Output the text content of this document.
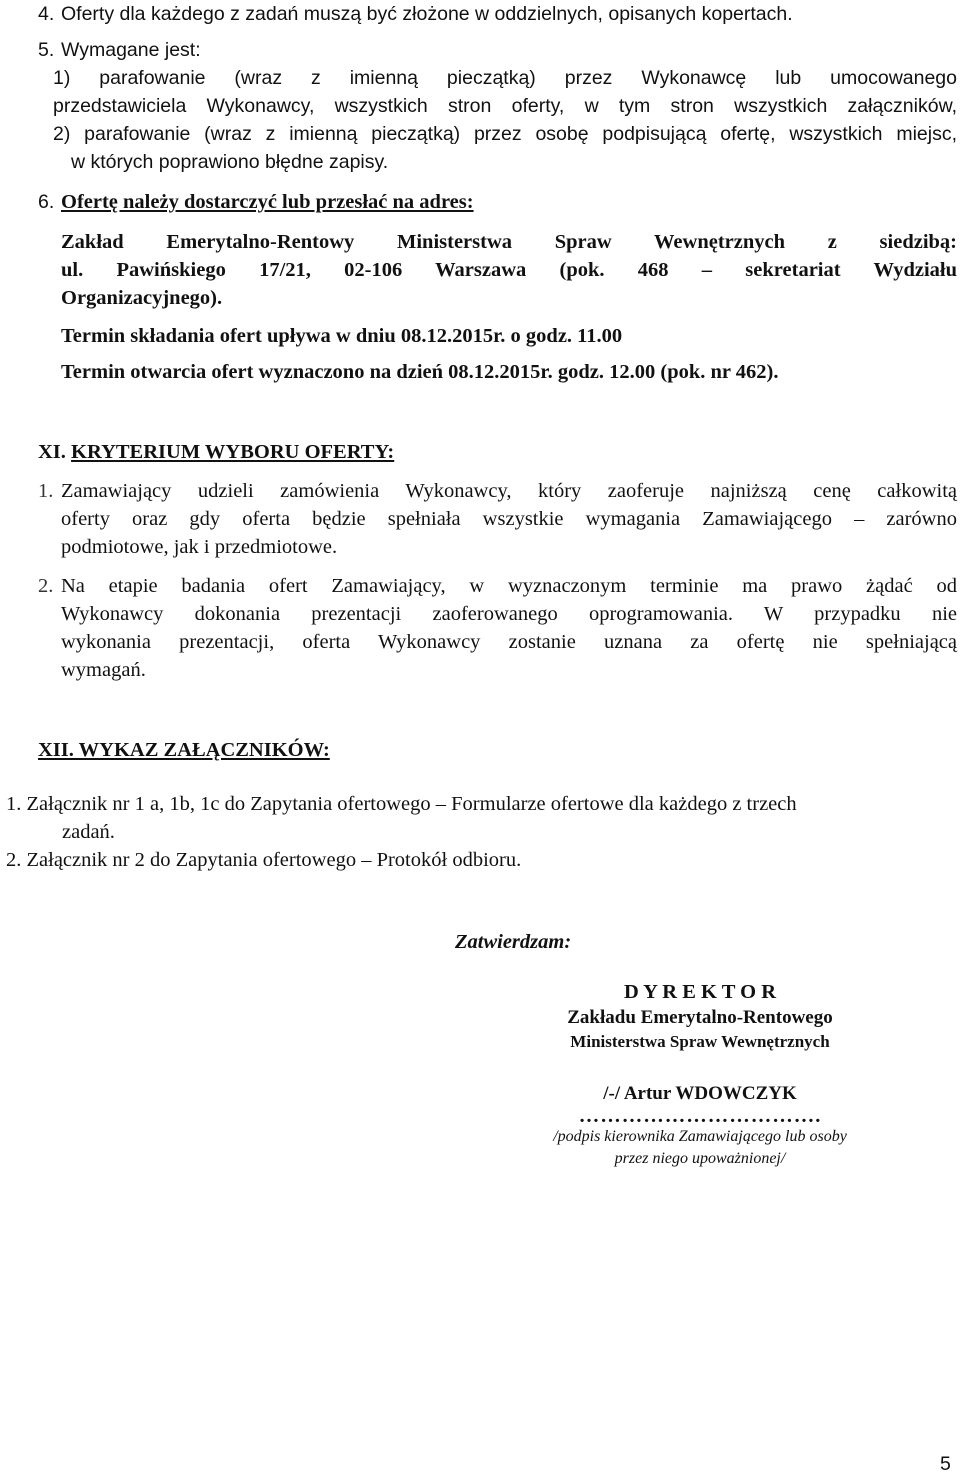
4. Oferty dla każdego z zadań muszą być złożone w oddzielnych, opisanych kopertach.
5. Wymagane jest:
1) parafowanie (wraz z imienną pieczątką) przez Wykonawcę lub umocowanego
przedstawiciela Wykonawcy, wszystkich stron oferty, w tym stron wszystkich załączników,
2) parafowanie (wraz z imienną pieczątką) przez osobę podpisującą ofertę, wszystkich miejsc,
w których poprawiono błędne zapisy.
6. Ofertę należy dostarczyć lub przesłać na adres:
Zakład Emerytalno-Rentowy Ministerstwa Spraw Wewnętrznych z siedzibą:
ul. Pawińskiego 17/21, 02-106 Warszawa (pok. 468 – sekretariat Wydziału
Organizacyjnego).
Termin składania ofert upływa w dniu 08.12.2015r. o godz. 11.00
Termin otwarcia ofert wyznaczono na dzień 08.12.2015r. godz. 12.00 (pok. nr 462).
XI. KRYTERIUM WYBORU OFERTY:
1. Zamawiający udzieli zamówienia Wykonawcy, który zaoferuje najniższą cenę całkowitą
oferty oraz gdy oferta będzie spełniała wszystkie wymagania Zamawiającego – zarówno
podmiotowe, jak i przedmiotowe.
2. Na etapie badania ofert Zamawiający, w wyznaczonym terminie ma prawo żądać od
Wykonawcy dokonania prezentacji zaoferowanego oprogramowania. W przypadku nie
wykonania prezentacji, oferta Wykonawcy zostanie uznana za ofertę nie spełniającą
wymagań.
XII. WYKAZ ZAŁĄCZNIKÓW:
1. Załącznik nr 1 a, 1b, 1c do Zapytania ofertowego – Formularze ofertowe dla każdego z trzech
zadań.
2. Załącznik nr 2 do Zapytania ofertowego – Protokół odbioru.
Zatwierdzam:
D Y R E K T O R
Zakładu Emerytalno-Rentowego
Ministerstwa Spraw Wewnętrznych
/-/ Artur WDOWCZYK
…………………………….
/podpis kierownika Zamawiającego lub osoby
przez niego upoważnionej/
5
